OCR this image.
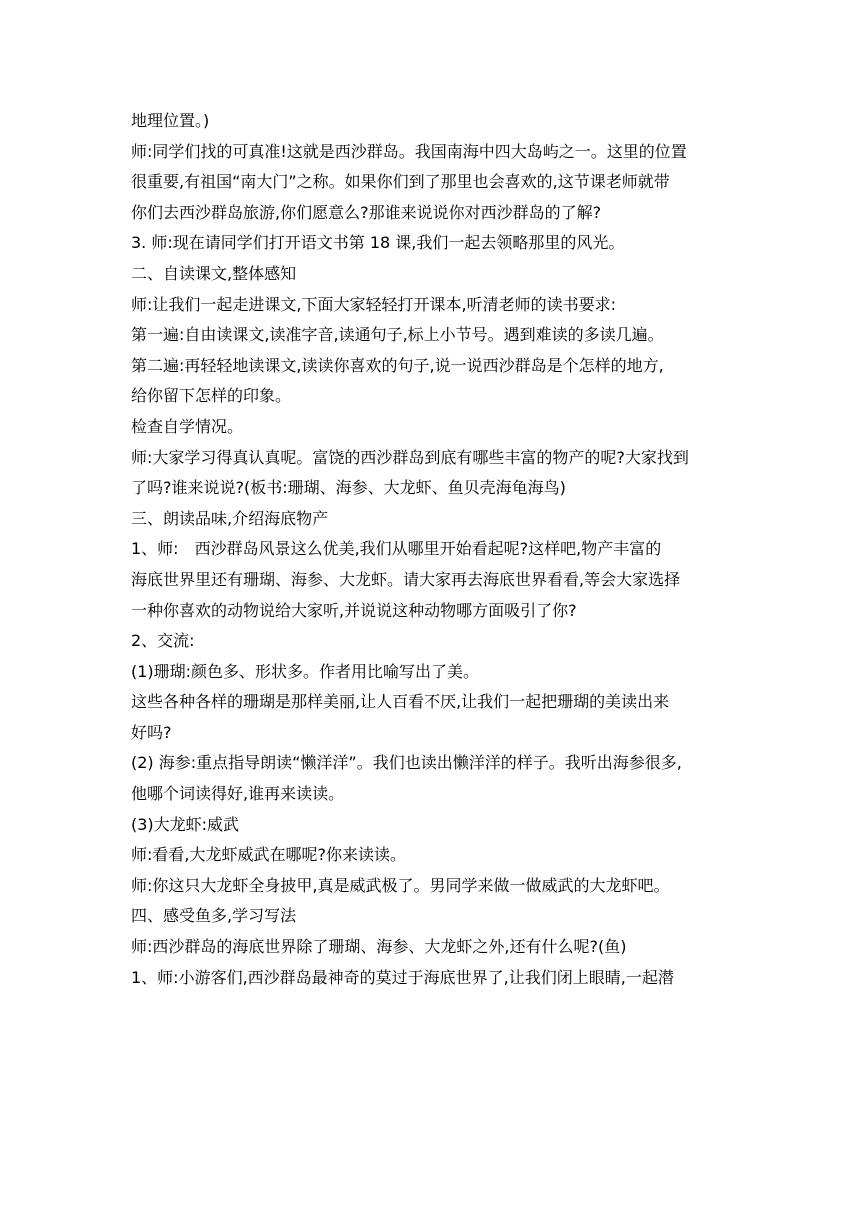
地理位置。)
师:同学们找的可真准!这就是西沙群岛。我国南海中四大岛屿之一。这里的位置
很重要,有祖国“南大门”之称。如果你们到了那里也会喜欢的,这节课老师就带
你们去西沙群岛旅游,你们愿意么?那谁来说说你对西沙群岛的了解?
3. 师:现在请同学们打开语文书第 18 课,我们一起去领略那里的风光。
二、自读课文,整体感知
师:让我们一起走进课文,下面大家轻轻打开课本,听清老师的读书要求:
第一遍:自由读课文,读准字音,读通句子,标上小节号。遇到难读的多读几遍。
第二遍:再轻轻地读课文,读读你喜欢的句子,说一说西沙群岛是个怎样的地方,
给你留下怎样的印象。
检查自学情况。
师:大家学习得真认真呢。富饶的西沙群岛到底有哪些丰富的物产的呢?大家找到
了吗?谁来说说?(板书:珊瑚、海参、大龙虾、鱼贝壳海龟海鸟)
三、朗读品味,介绍海底物产
1、师:　西沙群岛风景这么优美,我们从哪里开始看起呢?这样吧,物产丰富的
海底世界里还有珊瑚、海参、大龙虾。请大家再去海底世界看看,等会大家选择
一种你喜欢的动物说给大家听,并说说这种动物哪方面吸引了你?
2、交流:
(1)珊瑚:颜色多、形状多。作者用比喻写出了美。
这些各种各样的珊瑚是那样美丽,让人百看不厌,让我们一起把珊瑚的美读出来
好吗?
(2) 海参:重点指导朗读“懒洋洋”。我们也读出懒洋洋的样子。我听出海参很多,
他哪个词读得好,谁再来读读。
(3)大龙虾:威武
师:看看,大龙虾威武在哪呢?你来读读。
师:你这只大龙虾全身披甲,真是威武极了。男同学来做一做威武的大龙虾吧。
四、感受鱼多,学习写法
师:西沙群岛的海底世界除了珊瑚、海参、大龙虾之外,还有什么呢?(鱼)
1、师:小游客们,西沙群岛最神奇的莫过于海底世界了,让我们闭上眼睛,一起潜
